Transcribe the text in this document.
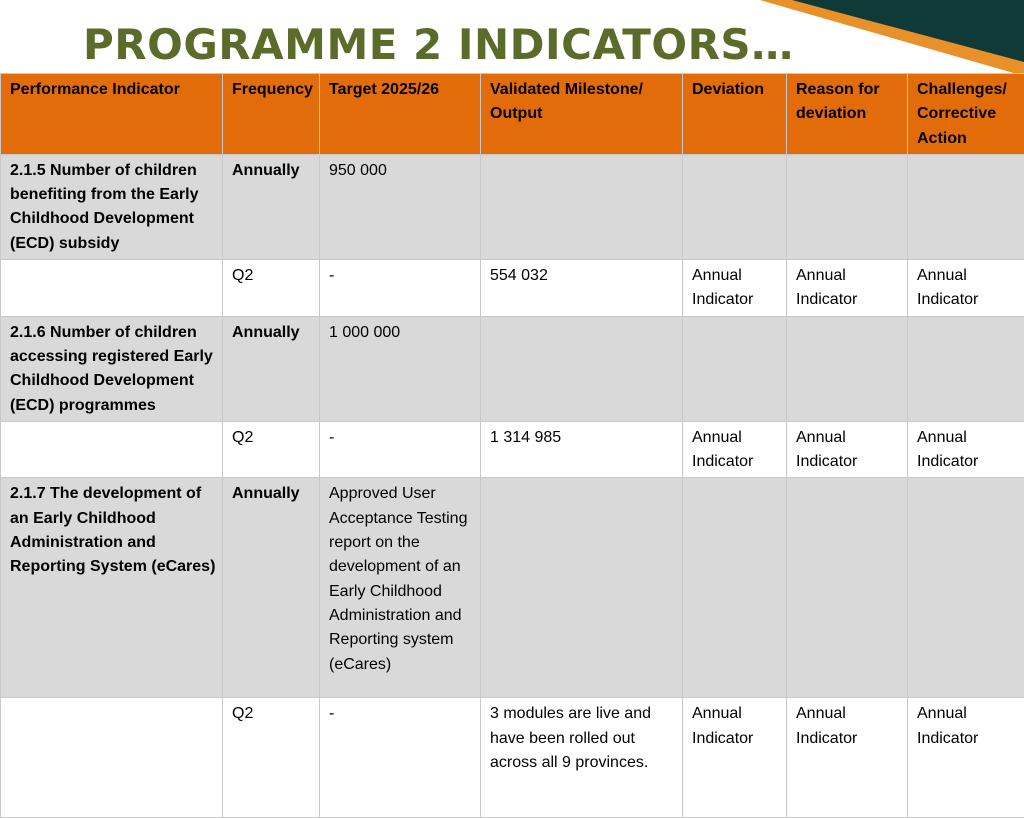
PROGRAMME 2 INDICATORS…
Performance Indicator	Frequency	Target 2025/26	Validated Milestone/ Output	Deviation	Reason for deviation	Challenges/ Corrective Action
2.1.5 Number of children benefiting from the Early Childhood Development (ECD) subsidy	Annually	950 000				
	Q2	-	554 032	Annual Indicator	Annual Indicator	Annual Indicator
2.1.6 Number of children accessing registered Early Childhood Development (ECD) programmes	Annually	1 000 000				
	Q2	-	1 314 985	Annual Indicator	Annual Indicator	Annual Indicator
2.1.7 The development of an Early Childhood Administration and Reporting System (eCares)	Annually	Approved User Acceptance Testing report on the development of an Early Childhood Administration and Reporting system (eCares)				
	Q2	-	3 modules are live and have been rolled out across all 9 provinces.	Annual Indicator	Annual Indicator	Annual Indicator
